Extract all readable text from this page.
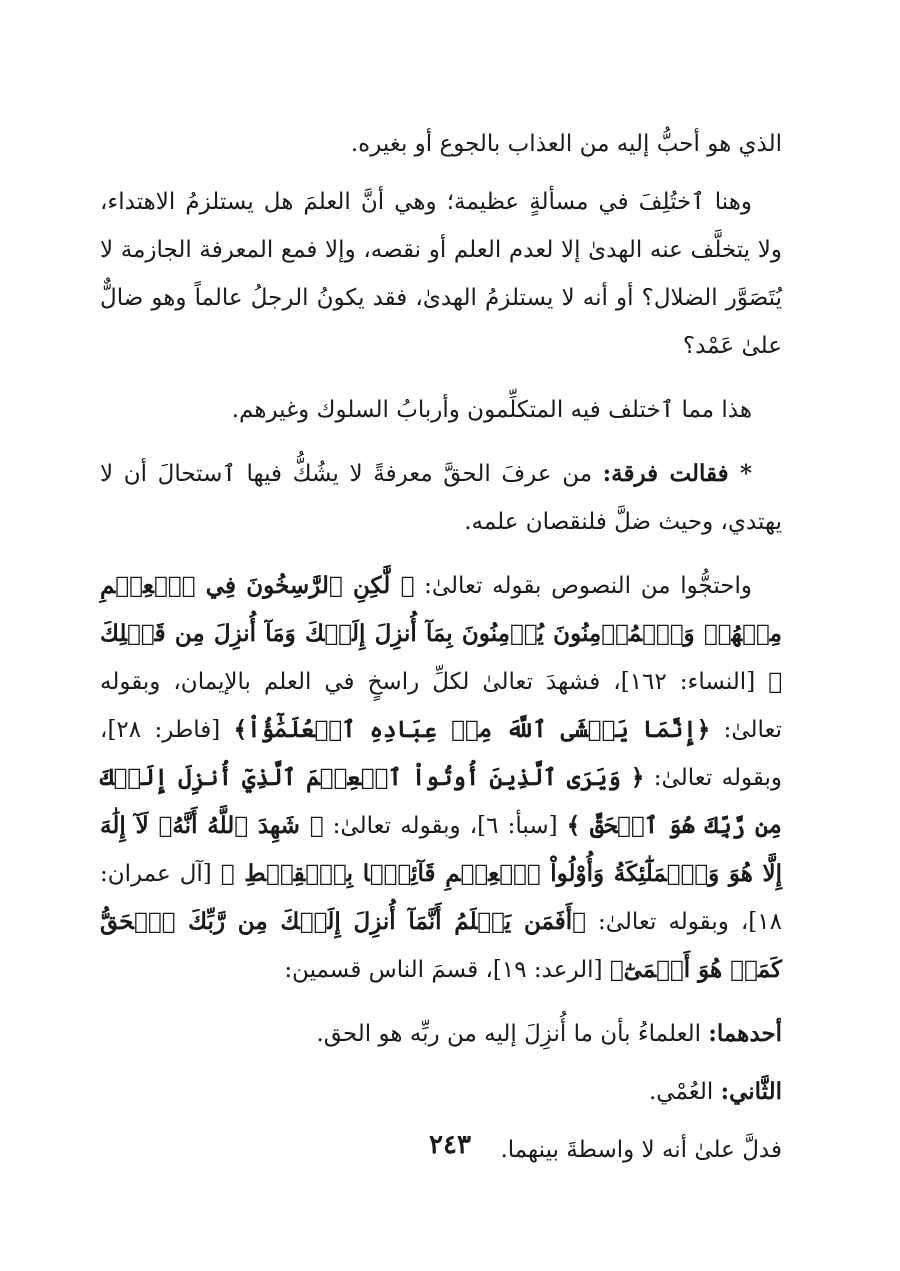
الذي هو أحبُّ إليه من العذاب بالجوع أو بغيره.

وهنا ٱختُلِفَ في مسألةٍ عظيمة؛ وهي أنَّ العلمَ هل يستلزمُ الاهتداء، ولا يتخلَّف عنه الهدىٰ إلا لعدم العلم أو نقصه، وإلا فمع المعرفة الجازمة لا يُتَصَوَّر الضلال؟ أو أنه لا يستلزمُ الهدىٰ، فقد يكونُ الرجلُ عالماً وهو ضالٌّ علىٰ عَمْد؟

هذا مما ٱختلف فيه المتكلِّمون وأربابُ السلوك وغيرهم.

* فقالت فرقة: من عرفَ الحقَّ معرفةً لا يشُكُّ فيها ٱستحالَ أن لا يهتدي، وحيث ضلَّ فلنقصان علمه.

واحتجُّوا من النصوص بقوله تعالىٰ: ﴿ لَّٰكِنِ ٱلرَّٰسِخُونَ فِي ٱلۡعِلۡمِ مِنۡهُمۡ وَٱلۡمُؤۡمِنُونَ يُؤۡمِنُونَ بِمَآ أُنزِلَ إِلَيۡكَ وَمَآ أُنزِلَ مِن قَبۡلِكَ ﴾ [النساء: ١٦٢]، فشهدَ تعالىٰ لكلِّ راسخٍ في العلم بالإيمان، وبقوله تعالىٰ: ﴿إِنَّمَا يَخۡشَى ٱللَّهَ مِنۡ عِبَادِهِ ٱلۡعُلَمَٰٓؤُاْ﴾ [فاطر: ٢٨]، وبقوله تعالىٰ: ﴿ وَيَرَى ٱلَّذِينَ أُوتُواْ ٱلۡعِلۡمَ ٱلَّذِيٓ أُنزِلَ إِلَيۡكَ مِن رَّبِّكَ هُوَ ٱلۡحَقَّ ﴾ [سبأ: ٦]، وبقوله تعالىٰ: ﴿ شَهِدَ ٱللَّهُ أَنَّهُۥ لَآ إِلَٰهَ إِلَّا هُوَ وَٱلۡمَلَٰٓئِكَةُ وَأُوْلُواْ ٱلۡعِلۡمِ قَآئِمَۢا بِٱلۡقِسۡطِ ﴾ [آل عمران: ١٨]، وبقوله تعالىٰ: ﴿أَفَمَن يَعۡلَمُ أَنَّمَآ أُنزِلَ إِلَيۡكَ مِن رَّبِّكَ ٱلۡحَقُّ كَمَنۡ هُوَ أَعۡمَىٰٓ﴾ [الرعد: ١٩]، قسمَ الناس قسمين:

أحدهما: العلماءُ بأن ما أُنزِلَ إليه من ربِّه هو الحق.

الثَّاني: العُمْي.

فدلَّ علىٰ أنه لا واسطةَ بينهما.

٢٤٣
